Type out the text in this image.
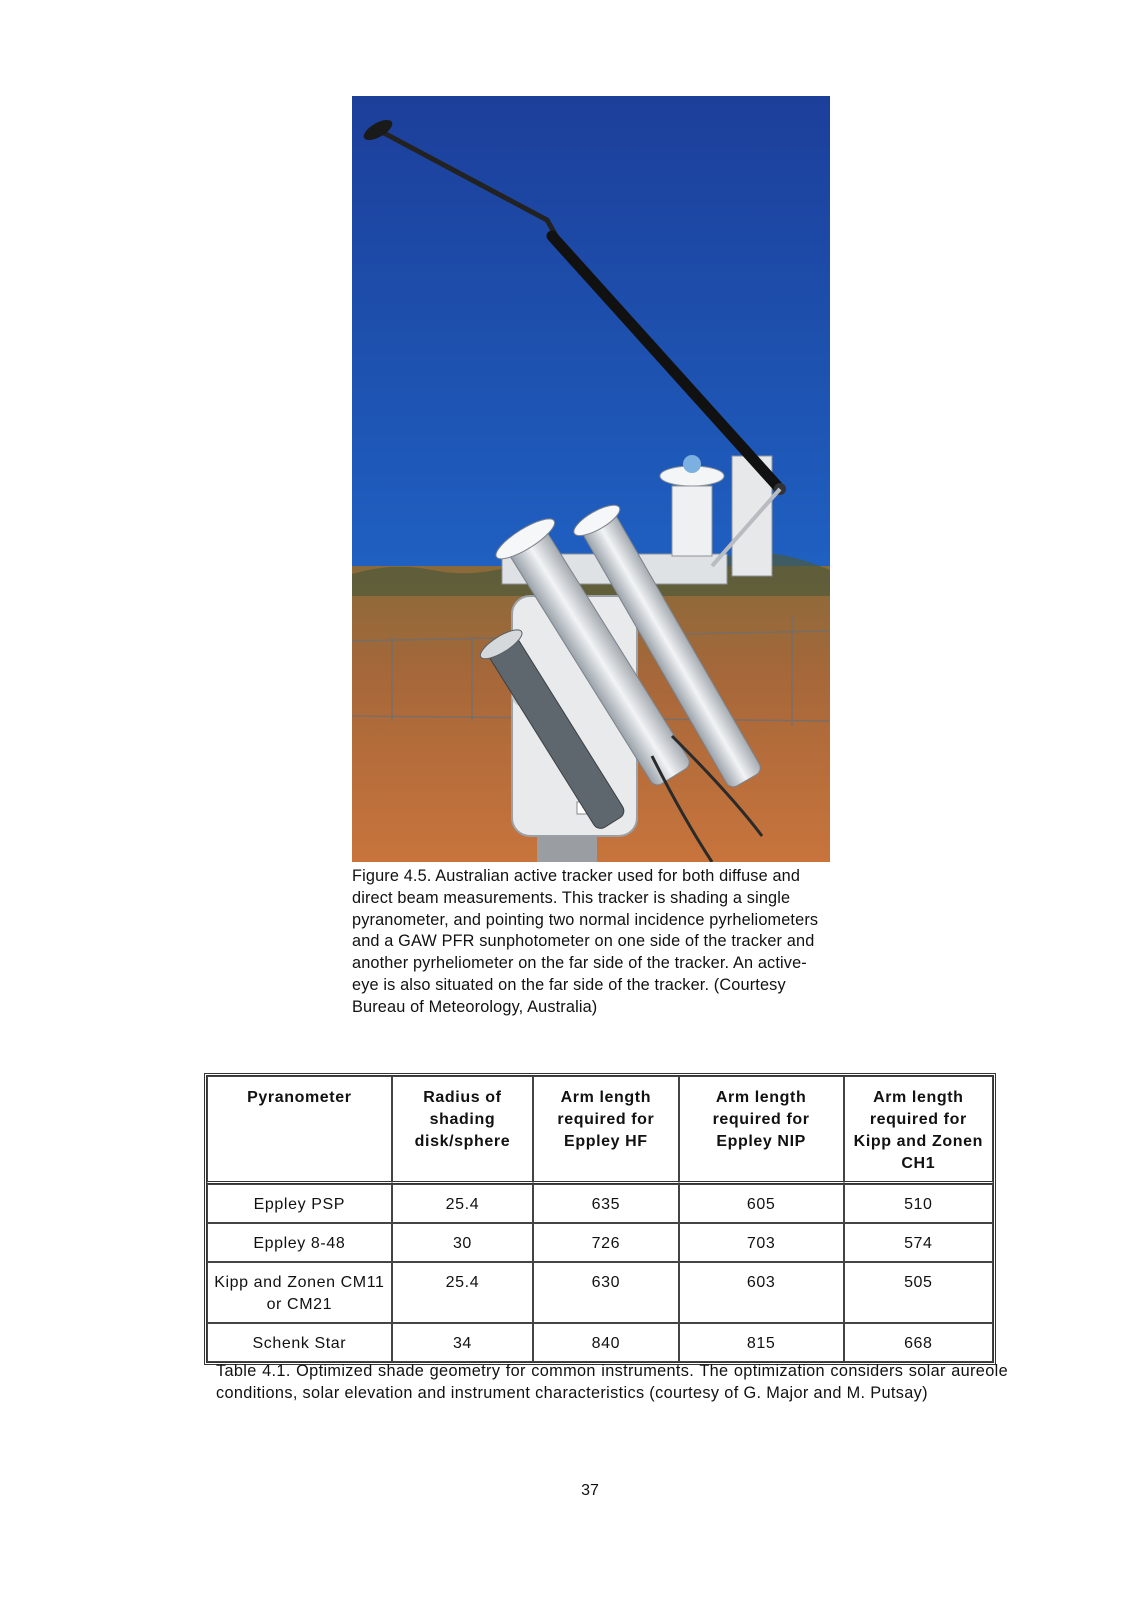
Figure 4.5. Australian active tracker used for both diffuse and direct beam measurements. This tracker is shading a single pyranometer, and pointing two normal incidence pyrheliometers and a GAW PFR sunphotometer on one side of the tracker and another pyrheliometer on the far side of the tracker. An active-eye is also situated on the far side of the tracker. (Courtesy Bureau of Meteorology, Australia)

Pyranometer	Radius of shading disk/sphere	Arm length required for Eppley HF	Arm length required for Eppley NIP	Arm length required for Kipp and Zonen CH1
Eppley PSP	25.4	635	605	510
Eppley 8-48	30	726	703	574
Kipp and Zonen CM11 or CM21	25.4	630	603	505
Schenk Star	34	840	815	668

Table 4.1. Optimized shade geometry for common instruments. The optimization considers solar aureole conditions, solar elevation and instrument characteristics (courtesy of G. Major and M. Putsay)

37
